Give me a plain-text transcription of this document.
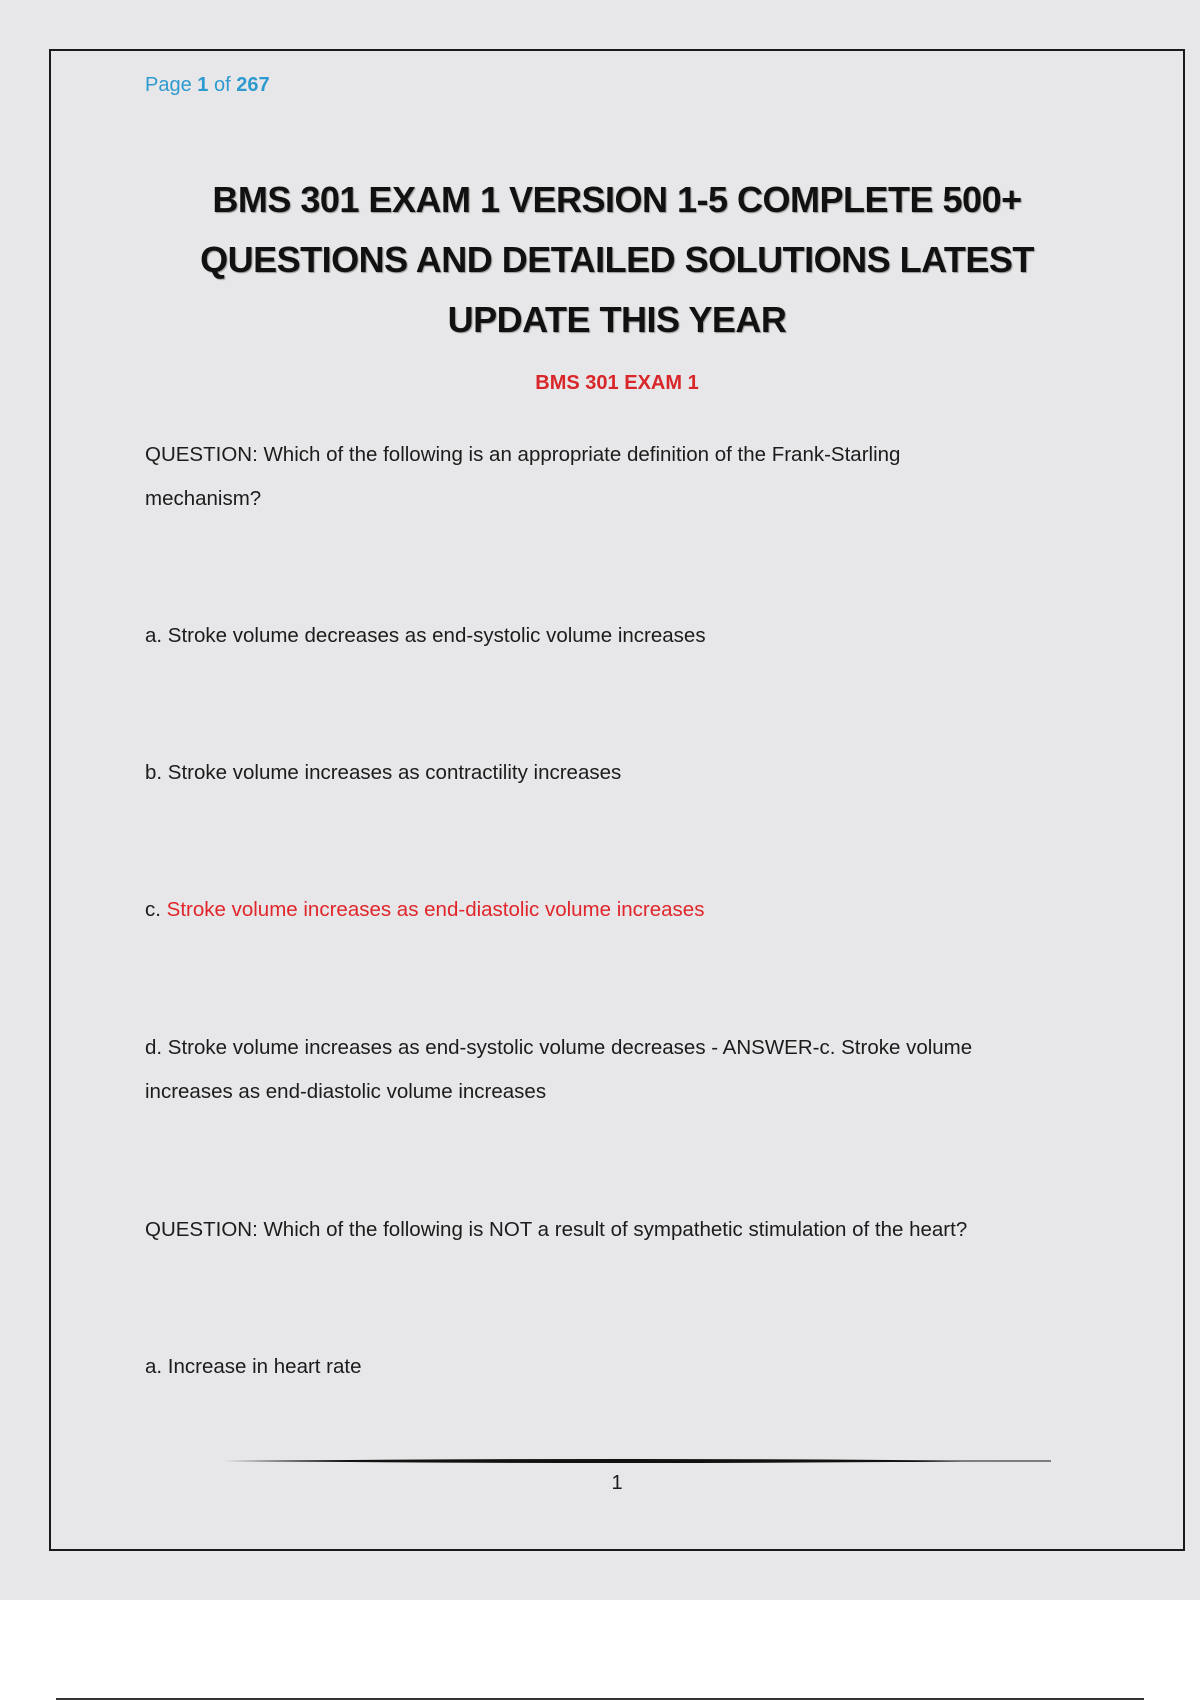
Page 1 of 267
BMS 301 EXAM 1 VERSION 1-5 COMPLETE 500+
QUESTIONS AND DETAILED SOLUTIONS LATEST
UPDATE THIS YEAR
BMS 301 EXAM 1
QUESTION: Which of the following is an appropriate definition of the Frank-Starling
mechanism?
a. Stroke volume decreases as end-systolic volume increases
b. Stroke volume increases as contractility increases
c. Stroke volume increases as end-diastolic volume increases
d. Stroke volume increases as end-systolic volume decreases - ANSWER-c. Stroke volume
increases as end-diastolic volume increases
QUESTION: Which of the following is NOT a result of sympathetic stimulation of the heart?
a. Increase in heart rate
1
